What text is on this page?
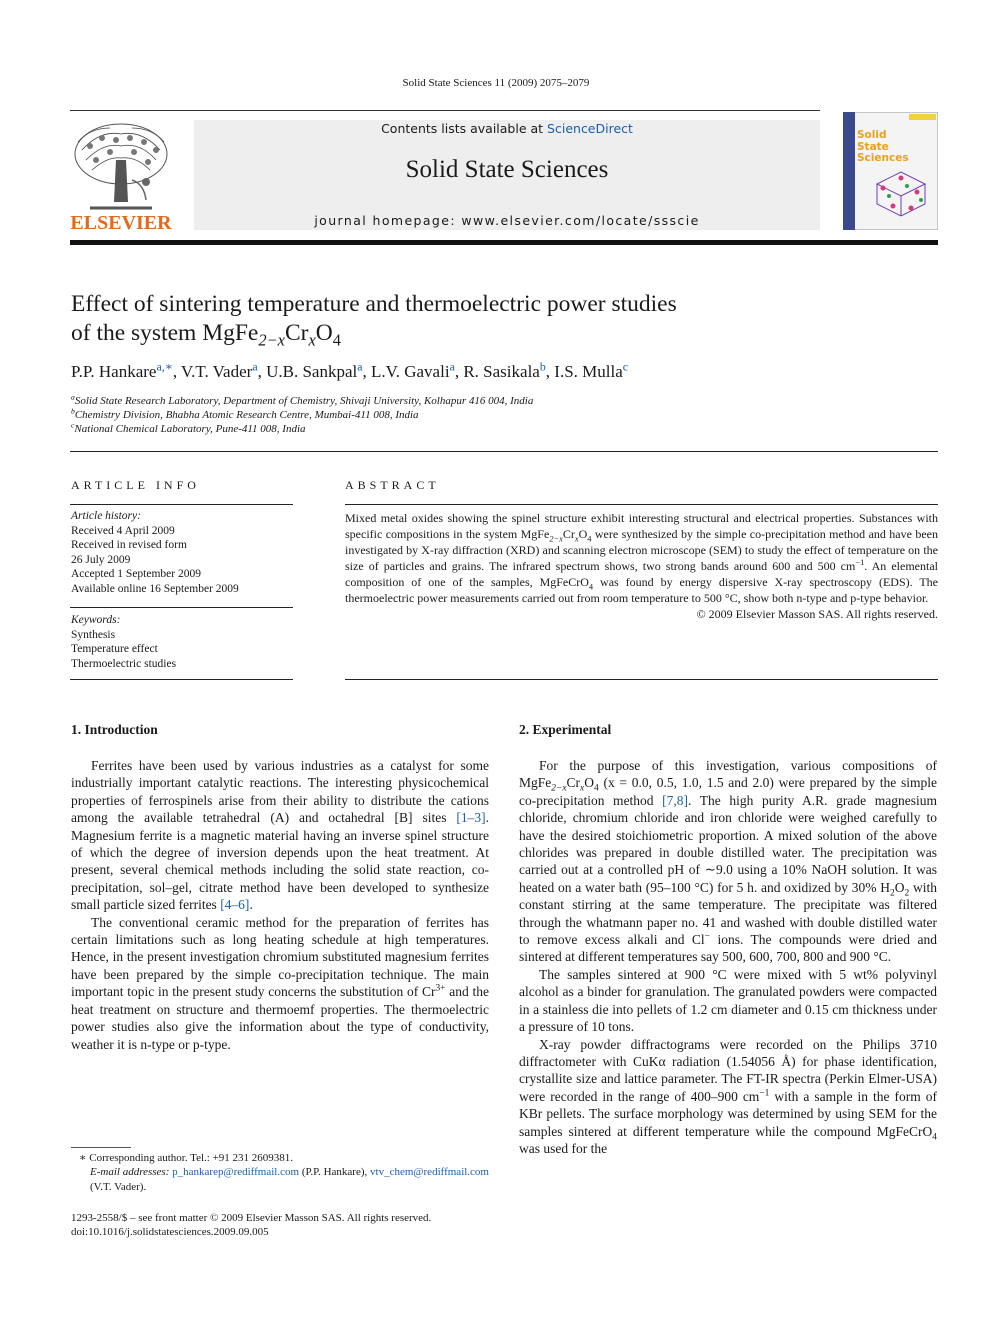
Solid State Sciences 11 (2009) 2075–2079
ELSEVIER
Contents lists available at ScienceDirect
Solid State Sciences
journal homepage: www.elsevier.com/locate/ssscie
Solid
State
Sciences
Effect of sintering temperature and thermoelectric power studies
of the system $MgFe_{2-x}Cr_xO_4$
P.P. Hankare$^{a,∗}$, V.T. Vader$^a$, U.B. Sankpal$^a$, L.V. Gavali$^a$, R. Sasikala$^b$, I.S. Mulla$^c$
$^a$Solid State Research Laboratory, Department of Chemistry, Shivaji University, Kolhapur 416 004, India
$^b$Chemistry Division, Bhabha Atomic Research Centre, Mumbai-411 008, India
$^c$National Chemical Laboratory, Pune-411 008, India
ARTICLE INFO
Article history:
Received 4 April 2009
Received in revised form
26 July 2009
Accepted 1 September 2009
Available online 16 September 2009
Keywords:
Synthesis
Temperature effect
Thermoelectric studies
ABSTRACT
Mixed metal oxides showing the spinel structure exhibit interesting structural and electrical properties. Substances with specific compositions in the system $MgFe_{2-x}Cr_xO_4$ were synthesized by the simple co-precipitation method and have been investigated by X-ray diffraction (XRD) and scanning electron microscope (SEM) to study the effect of temperature on the size of particles and grains. The infrared spectrum shows, two strong bands around 600 and 500 $cm^{-1}$. An elemental composition of one of the samples, MgFeCrO$_4$ was found by energy dispersive X-ray spectroscopy (EDS). The thermoelectric power measurements carried out from room temperature to 500 °C, show both n-type and p-type behavior.
© 2009 Elsevier Masson SAS. All rights reserved.
1. Introduction

Ferrites have been used by various industries as a catalyst for some industrially important catalytic reactions. The interesting physicochemical properties of ferrospinels arise from their ability to distribute the cations among the available tetrahedral (A) and octahedral [B] sites [1–3]. Magnesium ferrite is a magnetic material having an inverse spinel structure of which the degree of inversion depends upon the heat treatment. At present, several chemical methods including the solid state reaction, co-precipitation, sol–gel, citrate method have been developed to synthesize small particle sized ferrites [4–6].

The conventional ceramic method for the preparation of ferrites has certain limitations such as long heating schedule at high temperatures. Hence, in the present investigation chromium substituted magnesium ferrites have been prepared by the simple co-precipitation technique. The main important topic in the present study concerns the substitution of $Cr^{3+}$ and the heat treatment on structure and thermoemf properties. The thermoelectric power studies also give the information about the type of conductivity, weather it is n-type or p-type.

∗ Corresponding author. Tel.: +91 231 2609381.
E-mail addresses: p_hankarep@rediffmail.com (P.P. Hankare), vtv_chem@rediffmail.com (V.T. Vader).
1293-2558/$ – see front matter © 2009 Elsevier Masson SAS. All rights reserved.
doi:10.1016/j.solidstatesciences.2009.09.005
2. Experimental

For the purpose of this investigation, various compositions of $MgFe_{2-x}Cr_xO_4$ (x = 0.0, 0.5, 1.0, 1.5 and 2.0) were prepared by the simple co-precipitation method [7,8]. The high purity A.R. grade magnesium chloride, chromium chloride and iron chloride were weighed carefully to have the desired stoichiometric proportion. A mixed solution of the above chlorides was prepared in double distilled water. The precipitation was carried out at a controlled pH of ∼9.0 using a 10% NaOH solution. It was heated on a water bath (95–100 °C) for 5 h. and oxidized by 30% $H_2O_2$ with constant stirring at the same temperature. The precipitate was filtered through the whatmann paper no. 41 and washed with double distilled water to remove excess alkali and Cl− ions. The compounds were dried and sintered at different temperatures say 500, 600, 700, 800 and 900 °C.

The samples sintered at 900 °C were mixed with 5 wt% polyvinyl alcohol as a binder for granulation. The granulated powders were compacted in a stainless die into pellets of 1.2 cm diameter and 0.15 cm thickness under a pressure of 10 tons.

X-ray powder diffractograms were recorded on the Philips 3710 diffractometer with CuKα radiation (1.54056 Å) for phase identification, crystallite size and lattice parameter. The FT-IR spectra (Perkin Elmer-USA) were recorded in the range of 400–900 $cm^{-1}$ with a sample in the form of KBr pellets. The surface morphology was determined by using SEM for the samples sintered at different temperature while the compound MgFeCrO$_4$ was used for the
